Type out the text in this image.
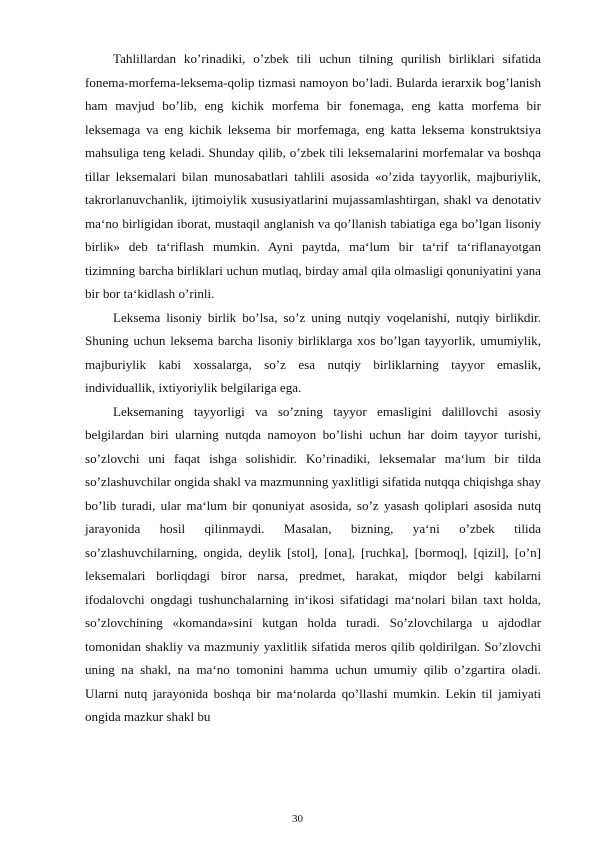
Tahlillardan ko’rinadiki, o’zbek tili uchun tilning qurilish birliklari sifatida fonema-morfema-leksema-qolip tizmasi namoyon bo’ladi. Bularda ierarxik bog’lanish ham mavjud bo’lib, eng kichik morfema bir fonemaga, eng katta morfema bir leksemaga va eng kichik leksema bir morfemaga, eng katta leksema konstruktsiya mahsuliga teng keladi. Shunday qilib, o’zbek tili leksemalarini morfemalar va boshqa tillar leksemalari bilan munosabatlari tahlili asosida «o’zida tayyorlik, majburiylik, takrorlanuvchanlik, ijtimoiylik xususiyatlarini mujassamlashtirgan, shakl va denotativ ma‘no birligidan iborat, mustaqil anglanish va qo’llanish tabiatiga ega bo’lgan lisoniy birlik» deb ta‘riflash mumkin. Ayni paytda, ma‘lum bir ta‘rif ta‘riflanayotgan tizimning barcha birliklari uchun mutlaq, birday amal qila olmasligi qonuniyatini yana bir bor ta‘kidlash o’rinli.

Leksema lisoniy birlik bo’lsa, so’z uning nutqiy voqelanishi, nutqiy birlikdir. Shuning uchun leksema barcha lisoniy birliklarga xos bo’lgan tayyorlik, umumiylik, majburiylik kabi xossalarga, so’z esa nutqiy birliklarning tayyor emaslik, individuallik, ixtiyoriylik belgilariga ega.

Leksemaning tayyorligi va so’zning tayyor emasligini dalillovchi asosiy belgilardan biri ularning nutqda namoyon bo’lishi uchun har doim tayyor turishi, so’zlovchi uni faqat ishga solishidir. Ko’rinadiki, leksemalar ma‘lum bir tilda so’zlashuvchilar ongida shakl va mazmunning yaxlitligi sifatida nutqqa chiqishga shay bo’lib turadi, ular ma‘lum bir qonuniyat asosida, so’z yasash qoliplari asosida nutq jarayonida hosil qilinmaydi. Masalan, bizning, ya‘ni o’zbek tilida so’zlashuvchilarning, ongida, deylik [stol], [ona], [ruchka], [bormoq], [qizil], [o’n] leksemalari borliqdagi biror narsa, predmet, harakat, miqdor belgi kabilarni ifodalovchi ongdagi tushunchalarning in‘ikosi sifatidagi ma‘nolari bilan taxt holda, so’zlovchining «komanda»sini kutgan holda turadi. So’zlovchilarga u ajdodlar tomonidan shakliy va mazmuniy yaxlitlik sifatida meros qilib qoldirilgan. So’zlovchi uning na shakl, na ma‘no tomonini hamma uchun umumiy qilib o’zgartira oladi. Ularni nutq jarayonida boshqa bir ma‘nolarda qo’llashi mumkin. Lekin til jamiyati ongida mazkur shakl bu

30
